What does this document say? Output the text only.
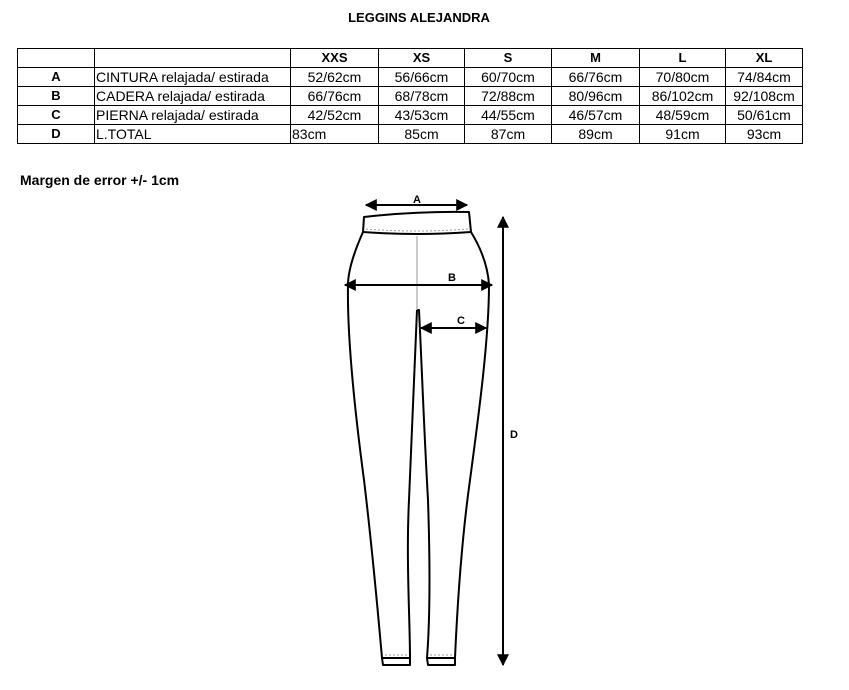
LEGGINS ALEJANDRA
		XXS	XS	S	M	L	XL
A	CINTURA relajada/ estirada	52/62cm	56/66cm	60/70cm	66/76cm	70/80cm	74/84cm
B	CADERA relajada/ estirada	66/76cm	68/78cm	72/88cm	80/96cm	86/102cm	92/108cm
C	PIERNA relajada/ estirada	42/52cm	43/53cm	44/55cm	46/57cm	48/59cm	50/61cm
D	L.TOTAL	83cm	85cm	87cm	89cm	91cm	93cm
Margen de error +/- 1cm
A
B
C
D
